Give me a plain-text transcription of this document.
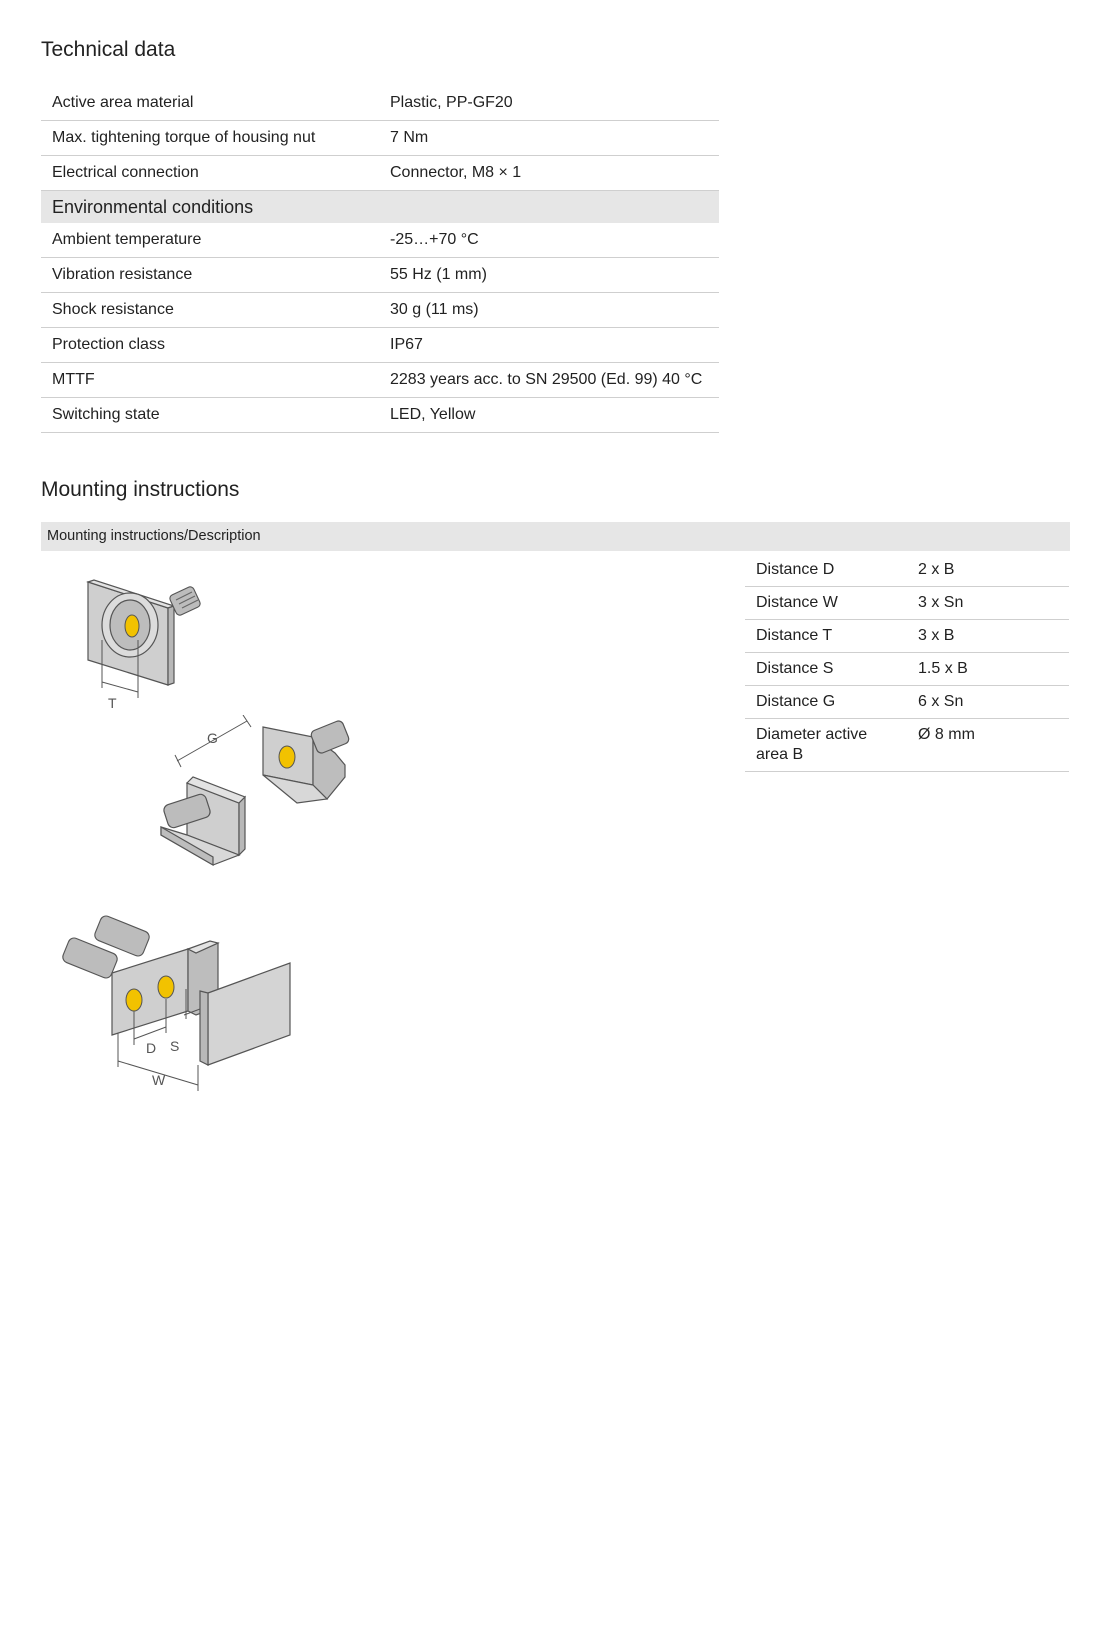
Technical data
Active area material	Plastic, PP-GF20
Max. tightening torque of housing nut	7 Nm
Electrical connection	Connector, M8 × 1
Environmental conditions	
Ambient temperature	-25…+70 °C
Vibration resistance	55 Hz (1 mm)
Shock resistance	30 g (11 ms)
Protection class	IP67
MTTF	2283 years acc. to SN 29500 (Ed. 99) 40 °C
Switching state	LED, Yellow
Mounting instructions
Mounting instructions/Description
Distance D	2 x B
Distance W	3 x Sn
Distance T	3 x B
Distance S	1.5 x B
Distance G	6 x Sn
Diameter active area B	Ø 8 mm
T
G
S
D
W
